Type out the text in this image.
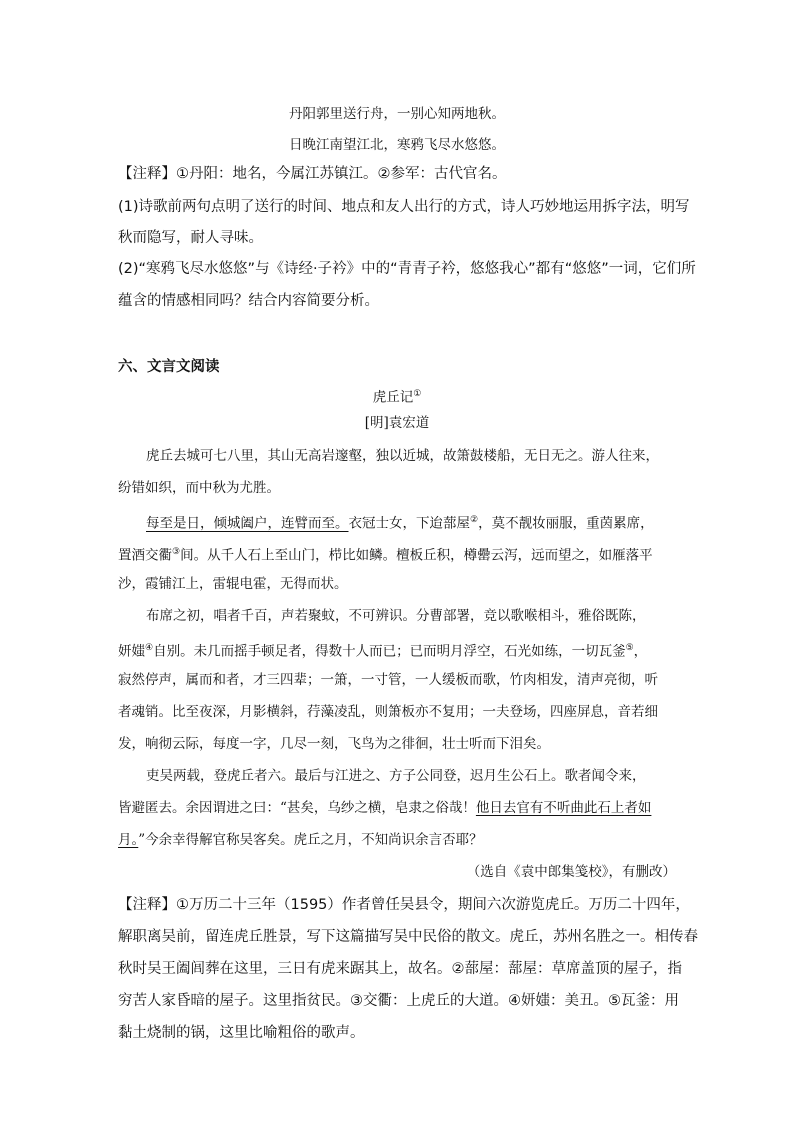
丹阳郭里送行舟，一别心知两地秋。
日晚江南望江北，寒鸦飞尽水悠悠。
【注释】①丹阳：地名，今属江苏镇江。②参军：古代官名。
(1)诗歌前两句点明了送行的时间、地点和友人出行的方式，诗人巧妙地运用拆字法，明写
秋而隐写，耐人寻味。
(2)“寒鸦飞尽水悠悠”与《诗经·子衿》中的“青青子衿，悠悠我心”都有“悠悠”一词，它们所
蕴含的情感相同吗？结合内容简要分析。
六、文言文阅读
虎丘记①
[明]袁宏道
虎丘去城可七八里，其山无高岩邃壑，独以近城，故箫鼓楼船，无日无之。游人往来，
纷错如织，而中秋为尤胜。
每至是日，倾城阖户，连臂而至。衣冠士女，下迨蔀屋②，莫不靓妆丽服，重茵累席，
置酒交衢③间。从千人石上至山门，栉比如鳞。檀板丘积，樽罍云泻，远而望之，如雁落平
沙，霞铺江上，雷辊电霍，无得而状。
布席之初，唱者千百，声若聚蚊，不可辨识。分曹部署，竞以歌喉相斗，雅俗既陈，
妍媸④自别。未几而摇手顿足者，得数十人而已；已而明月浮空，石光如练，一切瓦釜⑤，
寂然停声，属而和者，才三四辈；一箫，一寸管，一人缓板而歌，竹肉相发，清声亮彻，听
者魂销。比至夜深，月影横斜，荇藻凌乱，则箫板亦不复用；一夫登场，四座屏息，音若细
发，响彻云际，每度一字，几尽一刻，飞鸟为之徘徊，壮士听而下泪矣。
吏吴两载，登虎丘者六。最后与江进之、方子公同登，迟月生公石上。歌者闻令来，
皆避匿去。余因谓进之曰：“甚矣，乌纱之横，皂隶之俗哉！他日去官有不听曲此石上者如
月。”今余幸得解官称吴客矣。虎丘之月，不知尚识余言否耶？
（选自《袁中郎集笺校》，有删改）
【注释】①万历二十三年（1595）作者曾任吴县令，期间六次游览虎丘。万历二十四年，
解职离吴前，留连虎丘胜景，写下这篇描写吴中民俗的散文。虎丘，苏州名胜之一。相传春
秋时吴王阖闾葬在这里，三日有虎来踞其上，故名。②蔀屋：蔀屋：草席盖顶的屋子，指
穷苦人家昏暗的屋子。这里指贫民。③交衢：上虎丘的大道。④妍媸：美丑。⑤瓦釜：用
黏土烧制的锅，这里比喻粗俗的歌声。
